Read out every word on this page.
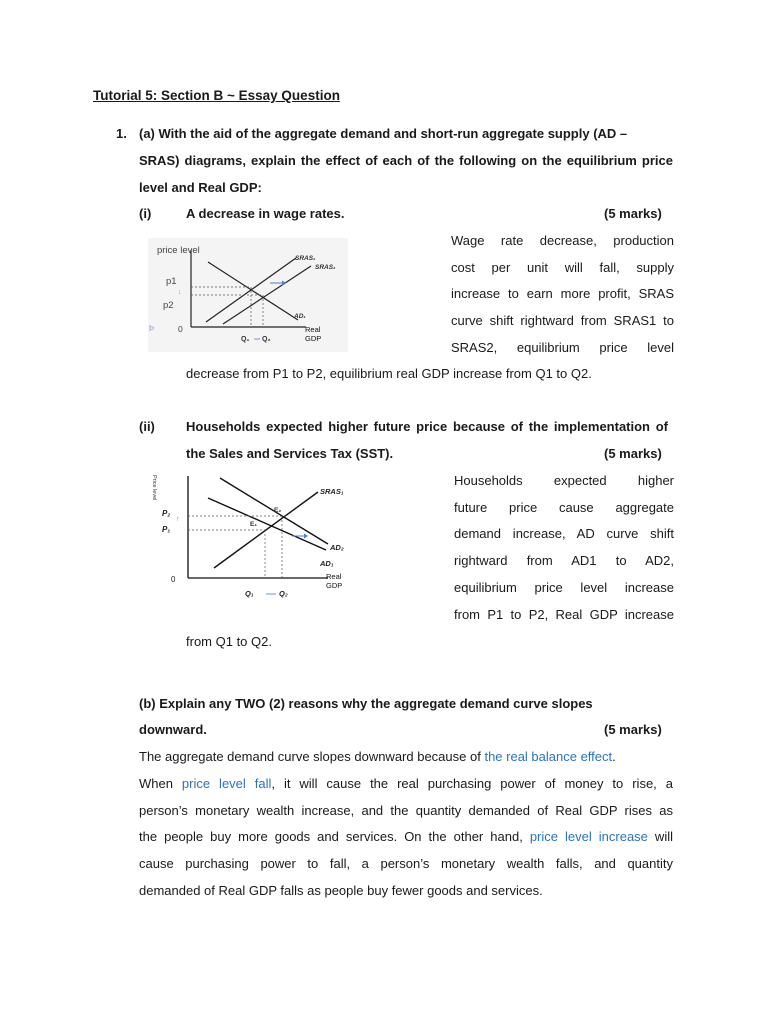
Tutorial 5: Section B ~ Essay Question
1. (a) With the aid of the aggregate demand and short-run aggregate supply (AD –
SRAS) diagrams, explain the effect of each of the following on the equilibrium price
level and Real GDP:
(i)	A decrease in wage rates.	(5 marks)
Wage rate decrease, production
cost per unit will fall, supply
increase to earn more profit, SRAS
curve shift rightward from SRAS1 to
SRAS2, equilibrium price level
decrease from P1 to P2, equilibrium real GDP increase from Q1 to Q2.
price level
p1
↓
p2
Ϸ	0
SRAS₁
SRAS₂
AD₁
Q₁ Q₂
Real
GDP
(ii) Households expected higher future price because of the implementation of
the Sales and Services Tax (SST).	(5 marks)
Households expected higher
future price cause aggregate
demand increase, AD curve shift
rightward from AD1 to AD2,
equilibrium price level increase
from P1 to P2, Real GDP increase
from Q1 to Q2.
Price level
P₂
↑
P₁
0
SRAS₁
E₁
E₂
AD₂
AD₁
Q₁	Q₂
Real
GDP
(b) Explain any TWO (2) reasons why the aggregate demand curve slopes
downward.	(5 marks)
The aggregate demand curve slopes downward because of the real balance effect.
When price level fall, it will cause the real purchasing power of money to rise, a
person’s monetary wealth increase, and the quantity demanded of Real GDP rises as
the people buy more goods and services. On the other hand, price level increase will
cause purchasing power to fall, a person’s monetary wealth falls, and quantity
demanded of Real GDP falls as people buy fewer goods and services.
